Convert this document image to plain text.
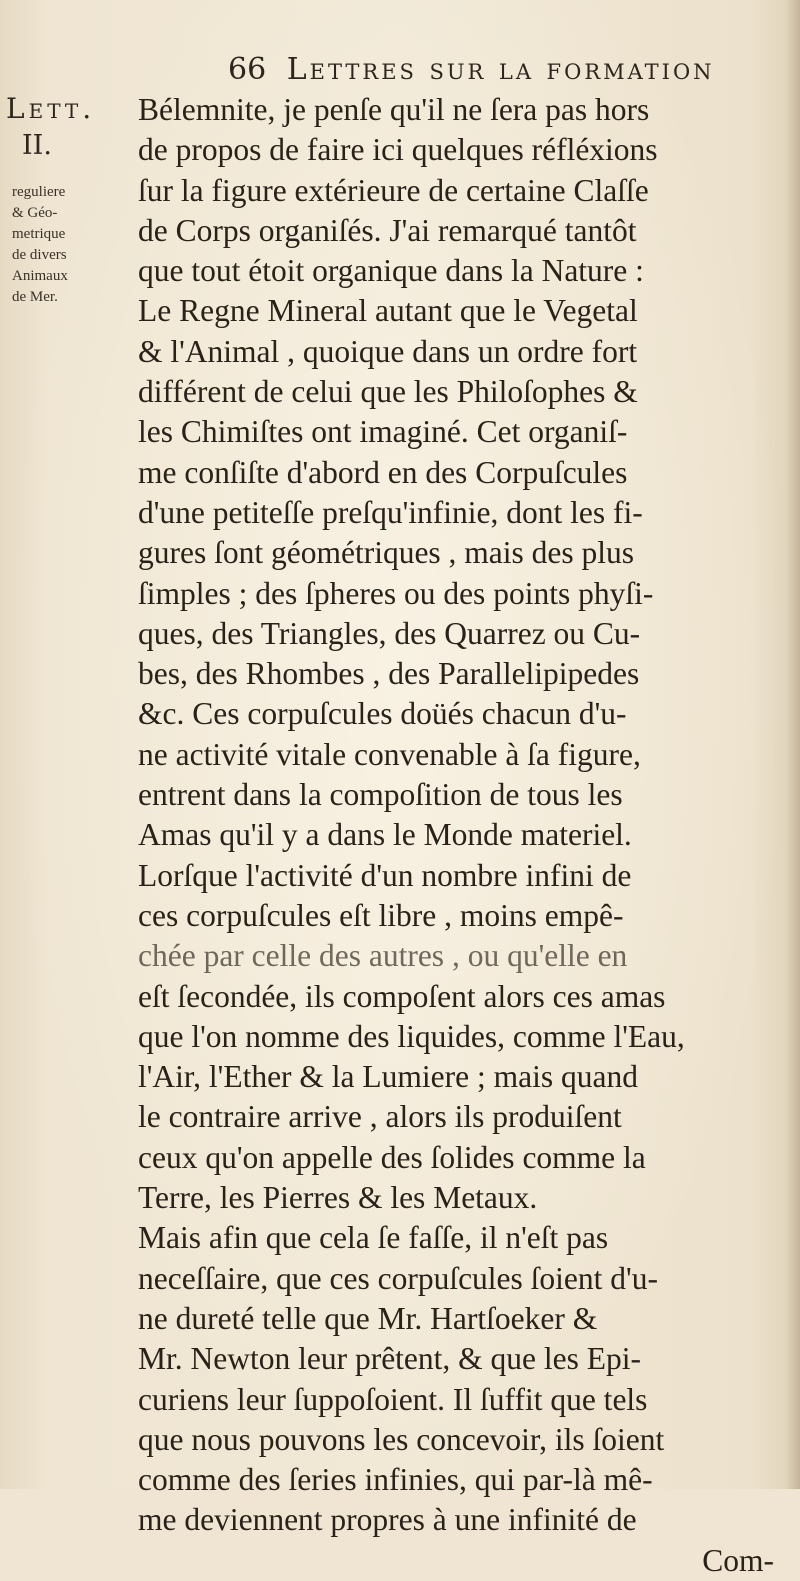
66 Lettres sur la formation
Lett.
II.
reguliere
& Géo-
metrique
de divers
Animaux
de Mer.
Bélemnite, je penſe qu'il ne ſera pas hors
de propos de faire ici quelques réfléxions
ſur la figure extérieure de certaine Claſſe
de Corps organiſés. J'ai remarqué tantôt
que tout étoit organique dans la Nature :
Le Regne Mineral autant que le Vegetal
& l'Animal , quoique dans un ordre fort
différent de celui que les Philoſophes &
les Chimiſtes ont imaginé. Cet organiſ-
me conſiſte d'abord en des Corpuſcules
d'une petiteſſe preſqu'infinie, dont les fi-
gures ſont géométriques , mais des plus
ſimples ; des ſpheres ou des points phyſi-
ques, des Triangles, des Quarrez ou Cu-
bes, des Rhombes , des Parallelipipedes
&c. Ces corpuſcules doüés chacun d'u-
ne activité vitale convenable à ſa figure,
entrent dans la compoſition de tous les
Amas qu'il y a dans le Monde materiel.
Lorſque l'activité d'un nombre infini de
ces corpuſcules eſt libre , moins empê-
chée par celle des autres , ou qu'elle en
eſt ſecondée, ils compoſent alors ces amas
que l'on nomme des liquides, comme l'Eau,
l'Air, l'Ether & la Lumiere ; mais quand
le contraire arrive , alors ils produiſent
ceux qu'on appelle des ſolides comme la
Terre, les Pierres & les Metaux.
Mais afin que cela ſe faſſe, il n'eſt pas
neceſſaire, que ces corpuſcules ſoient d'u-
ne dureté telle que Mr. Hartſoeker &
Mr. Newton leur prêtent, & que les Epi-
curiens leur ſuppoſoient. Il ſuffit que tels
que nous pouvons les concevoir, ils ſoient
comme des ſeries infinies, qui par-là mê-
me deviennent propres à une infinité de
Com-
